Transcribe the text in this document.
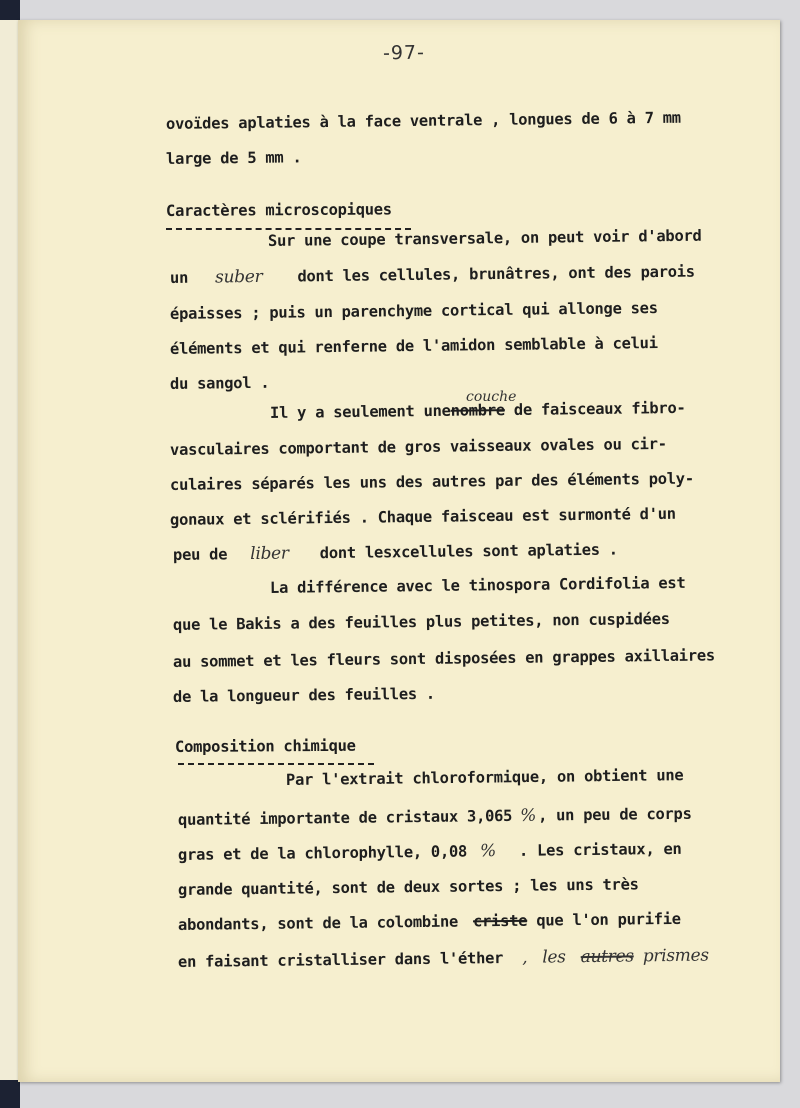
-97-

ovoïdes aplaties à la face ventrale , longues de 6 à 7 mm

large de 5 mm .

Caractères microscopiques

Sur une coupe transversale, on peut voir d'abord

un suber dont les cellules, brunâtres, ont des parois

épaisses ; puis un parenchyme cortical qui allonge ses

éléments et qui renferne de l'amidon semblable à celui

du sangol .

couche

Il y a seulement unenombre de faisceaux fibro-

vasculaires comportant de gros vaisseaux ovales ou cir-

culaires séparés les uns des autres par des éléments poly-

gonaux et sclérifiés . Chaque faisceau est surmonté d'un

peu de liber dont lesxcellules sont aplaties .

La différence avec le tinospora Cordifolia est

que le Bakis a des feuilles plus petites, non cuspidées

au sommet et les fleurs sont disposées en grappes axillaires

de la longueur des feuilles .

Composition chimique

Par l'extrait chloroformique, on obtient une

quantité importante de cristaux 3,065 % , un peu de corps

gras et de la chlorophylle, 0,08 % . Les cristaux, en

grande quantité, sont de deux sortes ; les uns très

abondants, sont de la colombine criste que l'on purifie

en faisant cristalliser dans l'éther , les autres prismes
